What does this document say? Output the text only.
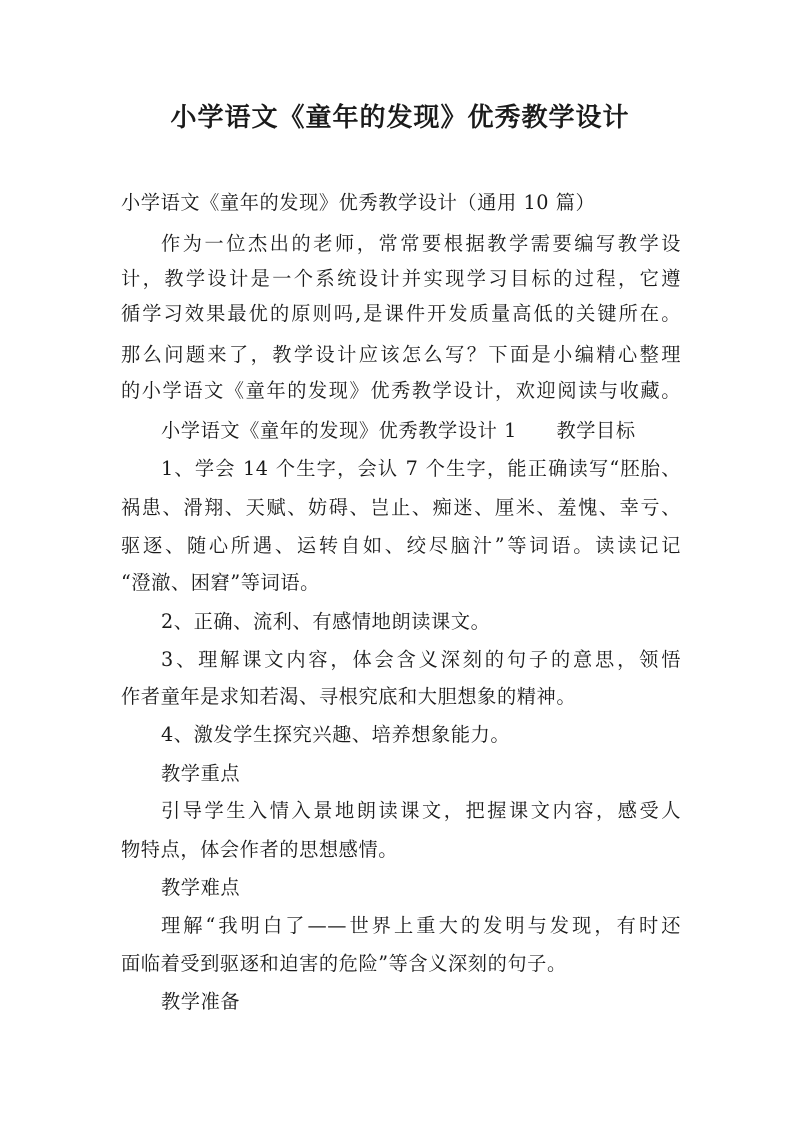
小学语文《童年的发现》优秀教学设计
小学语文《童年的发现》优秀教学设计（通用 10 篇）
作为一位杰出的老师，常常要根据教学需要编写教学设
计，教学设计是一个系统设计并实现学习目标的过程，它遵
循学习效果最优的原则吗,是课件开发质量高低的关键所在。
那么问题来了，教学设计应该怎么写？下面是小编精心整理
的小学语文《童年的发现》优秀教学设计，欢迎阅读与收藏。
小学语文《童年的发现》优秀教学设计 1　　教学目标
1、学会 14 个生字，会认 7 个生字，能正确读写“胚胎、
祸患、滑翔、天赋、妨碍、岂止、痴迷、厘米、羞愧、幸亏、
驱逐、随心所遇、运转自如、绞尽脑汁”等词语。读读记记
“澄澈、困窘”等词语。
2、正确、流利、有感情地朗读课文。
3、理解课文内容，体会含义深刻的句子的意思，领悟
作者童年是求知若渴、寻根究底和大胆想象的精神。
4、激发学生探究兴趣、培养想象能力。
教学重点
引导学生入情入景地朗读课文，把握课文内容，感受人
物特点，体会作者的思想感情。
教学难点
理解“我明白了——世界上重大的发明与发现，有时还
面临着受到驱逐和迫害的危险”等含义深刻的句子。
教学准备
